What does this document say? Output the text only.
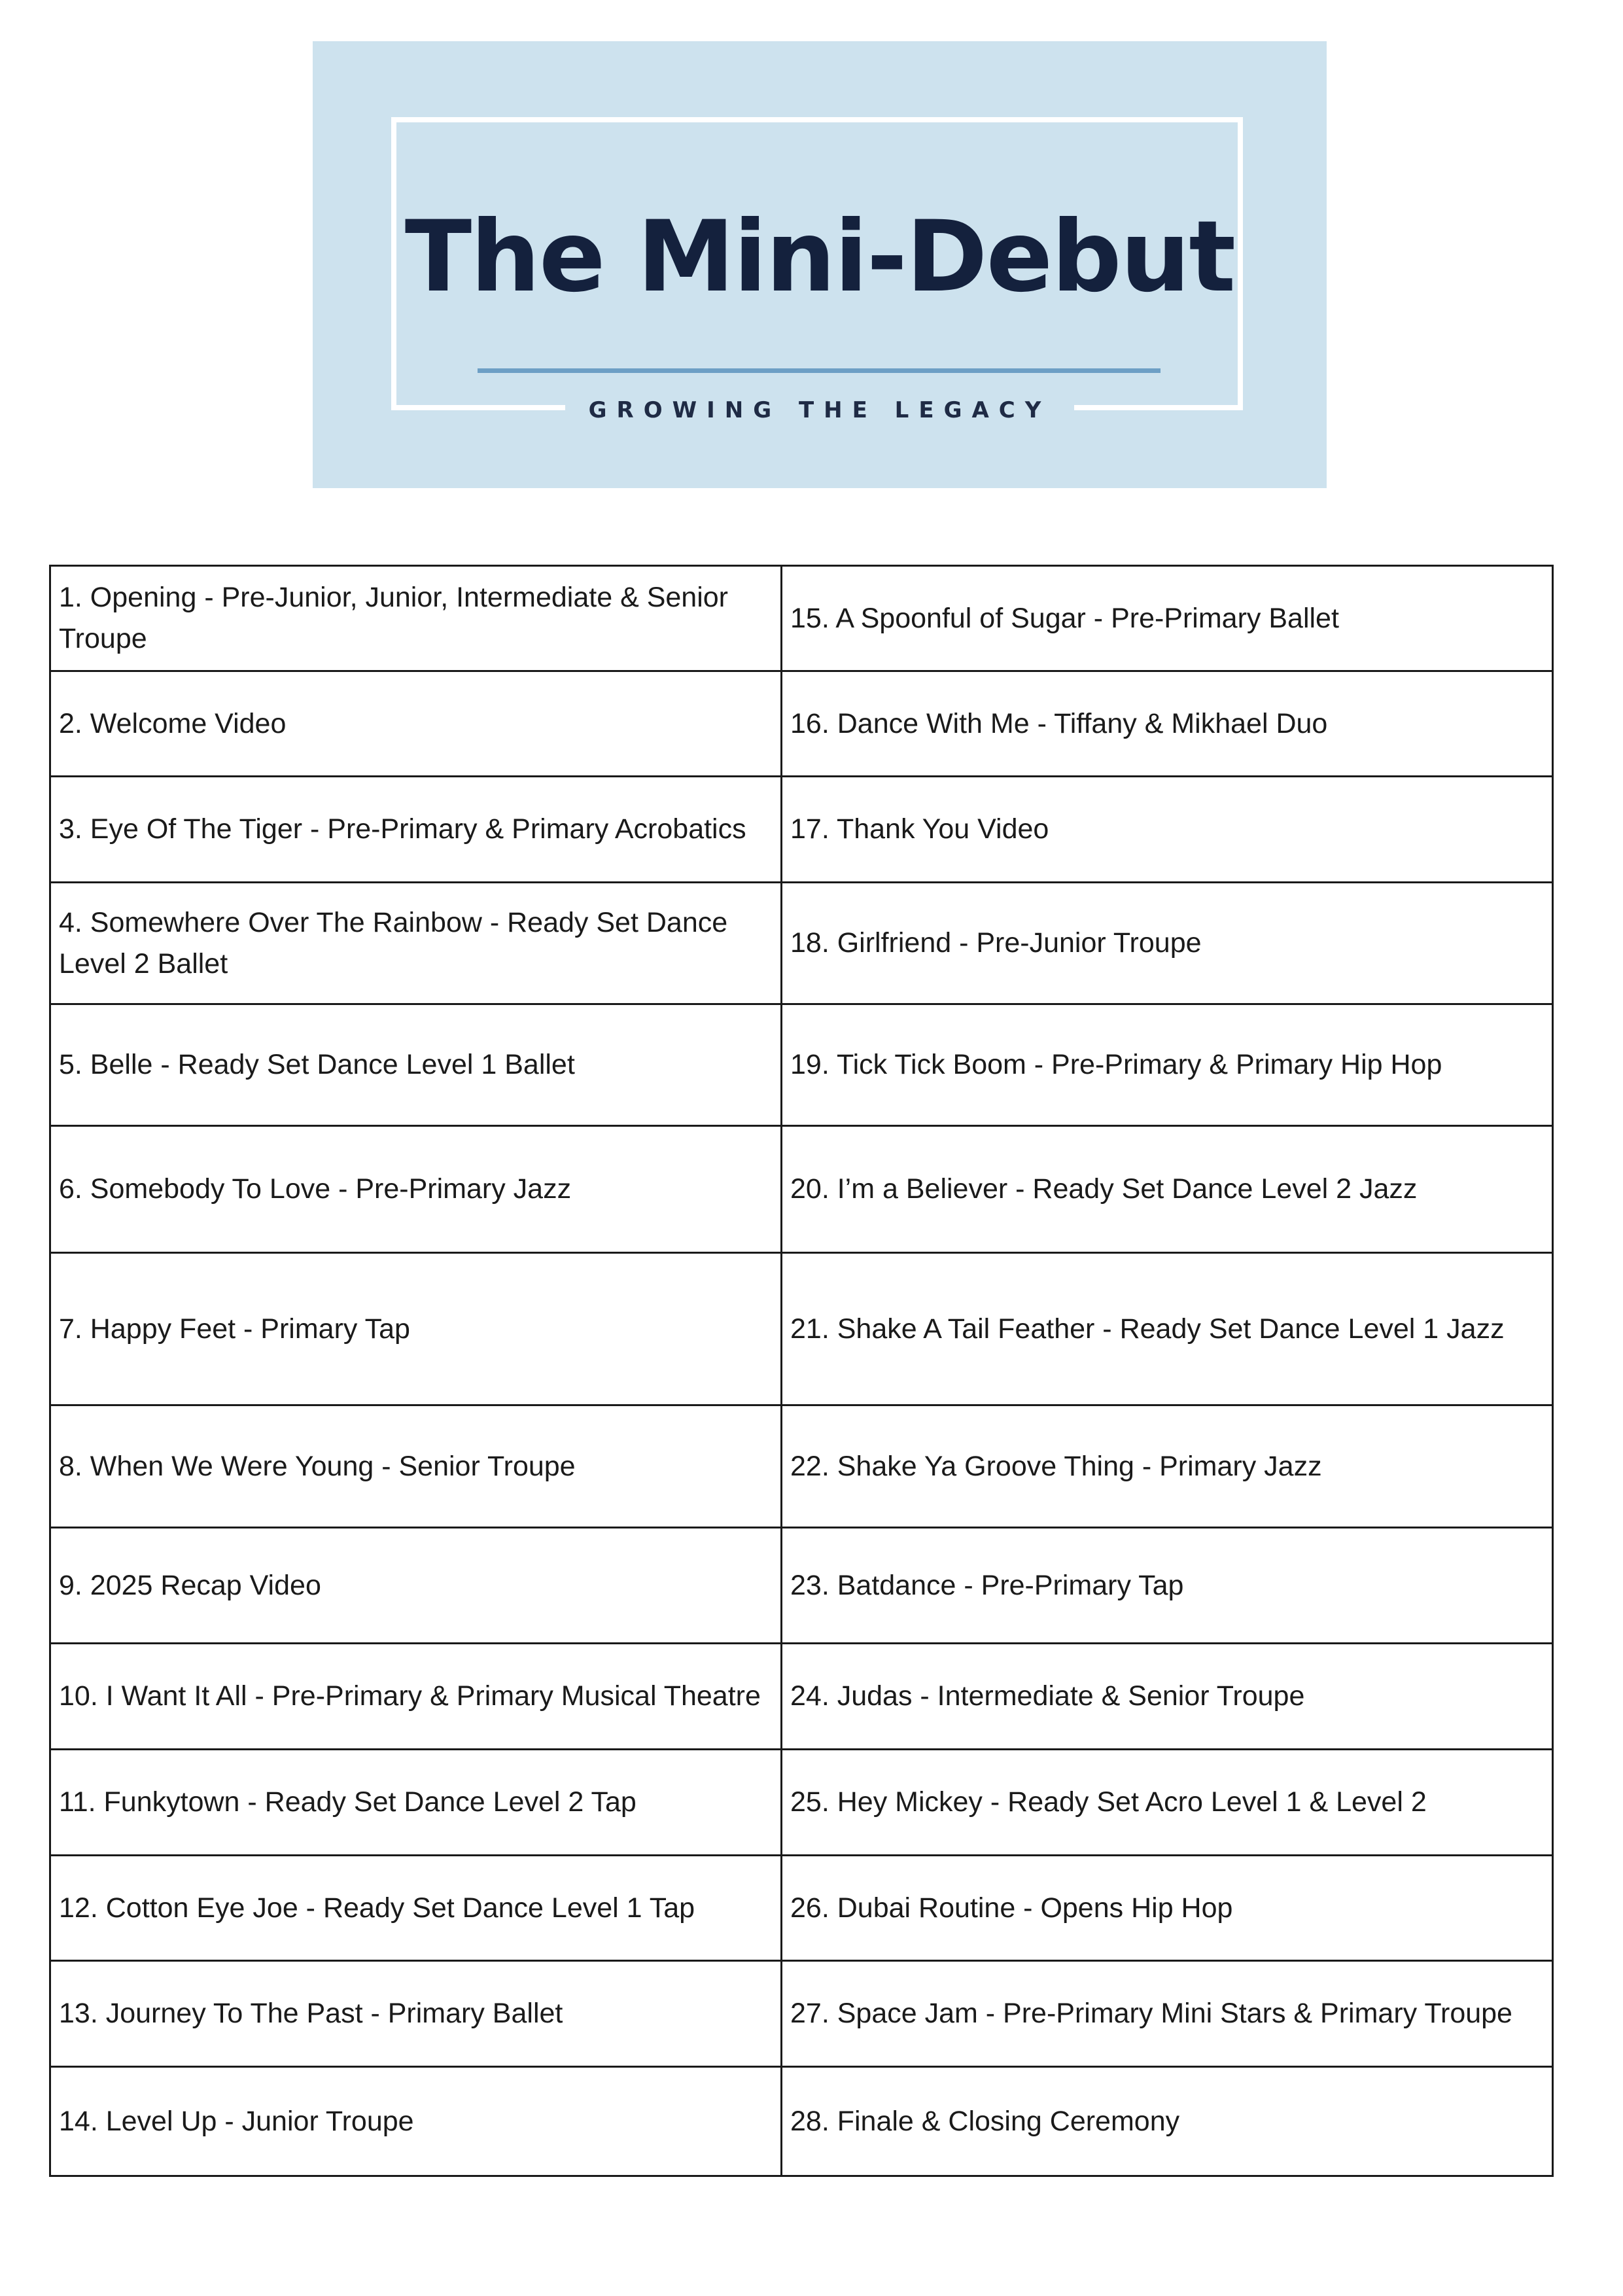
The Mini-Debut
GROWING THE LEGACY
1. Opening - Pre-Junior, Junior, Intermediate & Senior Troupe	15. A Spoonful of Sugar - Pre-Primary Ballet
2. Welcome Video	16. Dance With Me - Tiffany & Mikhael Duo
3. Eye Of The Tiger - Pre-Primary & Primary Acrobatics	17. Thank You Video
4. Somewhere Over The Rainbow - Ready Set Dance Level 2 Ballet	18. Girlfriend - Pre-Junior Troupe
5. Belle - Ready Set Dance Level 1 Ballet	19. Tick Tick Boom - Pre-Primary & Primary Hip Hop
6. Somebody To Love - Pre-Primary Jazz	20. I’m a Believer - Ready Set Dance Level 2 Jazz
7. Happy Feet - Primary Tap	21. Shake A Tail Feather - Ready Set Dance Level 1 Jazz
8. When We Were Young - Senior Troupe	22. Shake Ya Groove Thing - Primary Jazz
9. 2025 Recap Video	23. Batdance - Pre-Primary Tap
10. I Want It All - Pre-Primary & Primary Musical Theatre	24. Judas - Intermediate & Senior Troupe
11. Funkytown - Ready Set Dance Level 2 Tap	25. Hey Mickey - Ready Set Acro Level 1 & Level 2
12. Cotton Eye Joe - Ready Set Dance Level 1 Tap	26. Dubai Routine - Opens Hip Hop
13. Journey To The Past - Primary Ballet	27. Space Jam - Pre-Primary Mini Stars & Primary Troupe
14. Level Up - Junior Troupe	28. Finale & Closing Ceremony
